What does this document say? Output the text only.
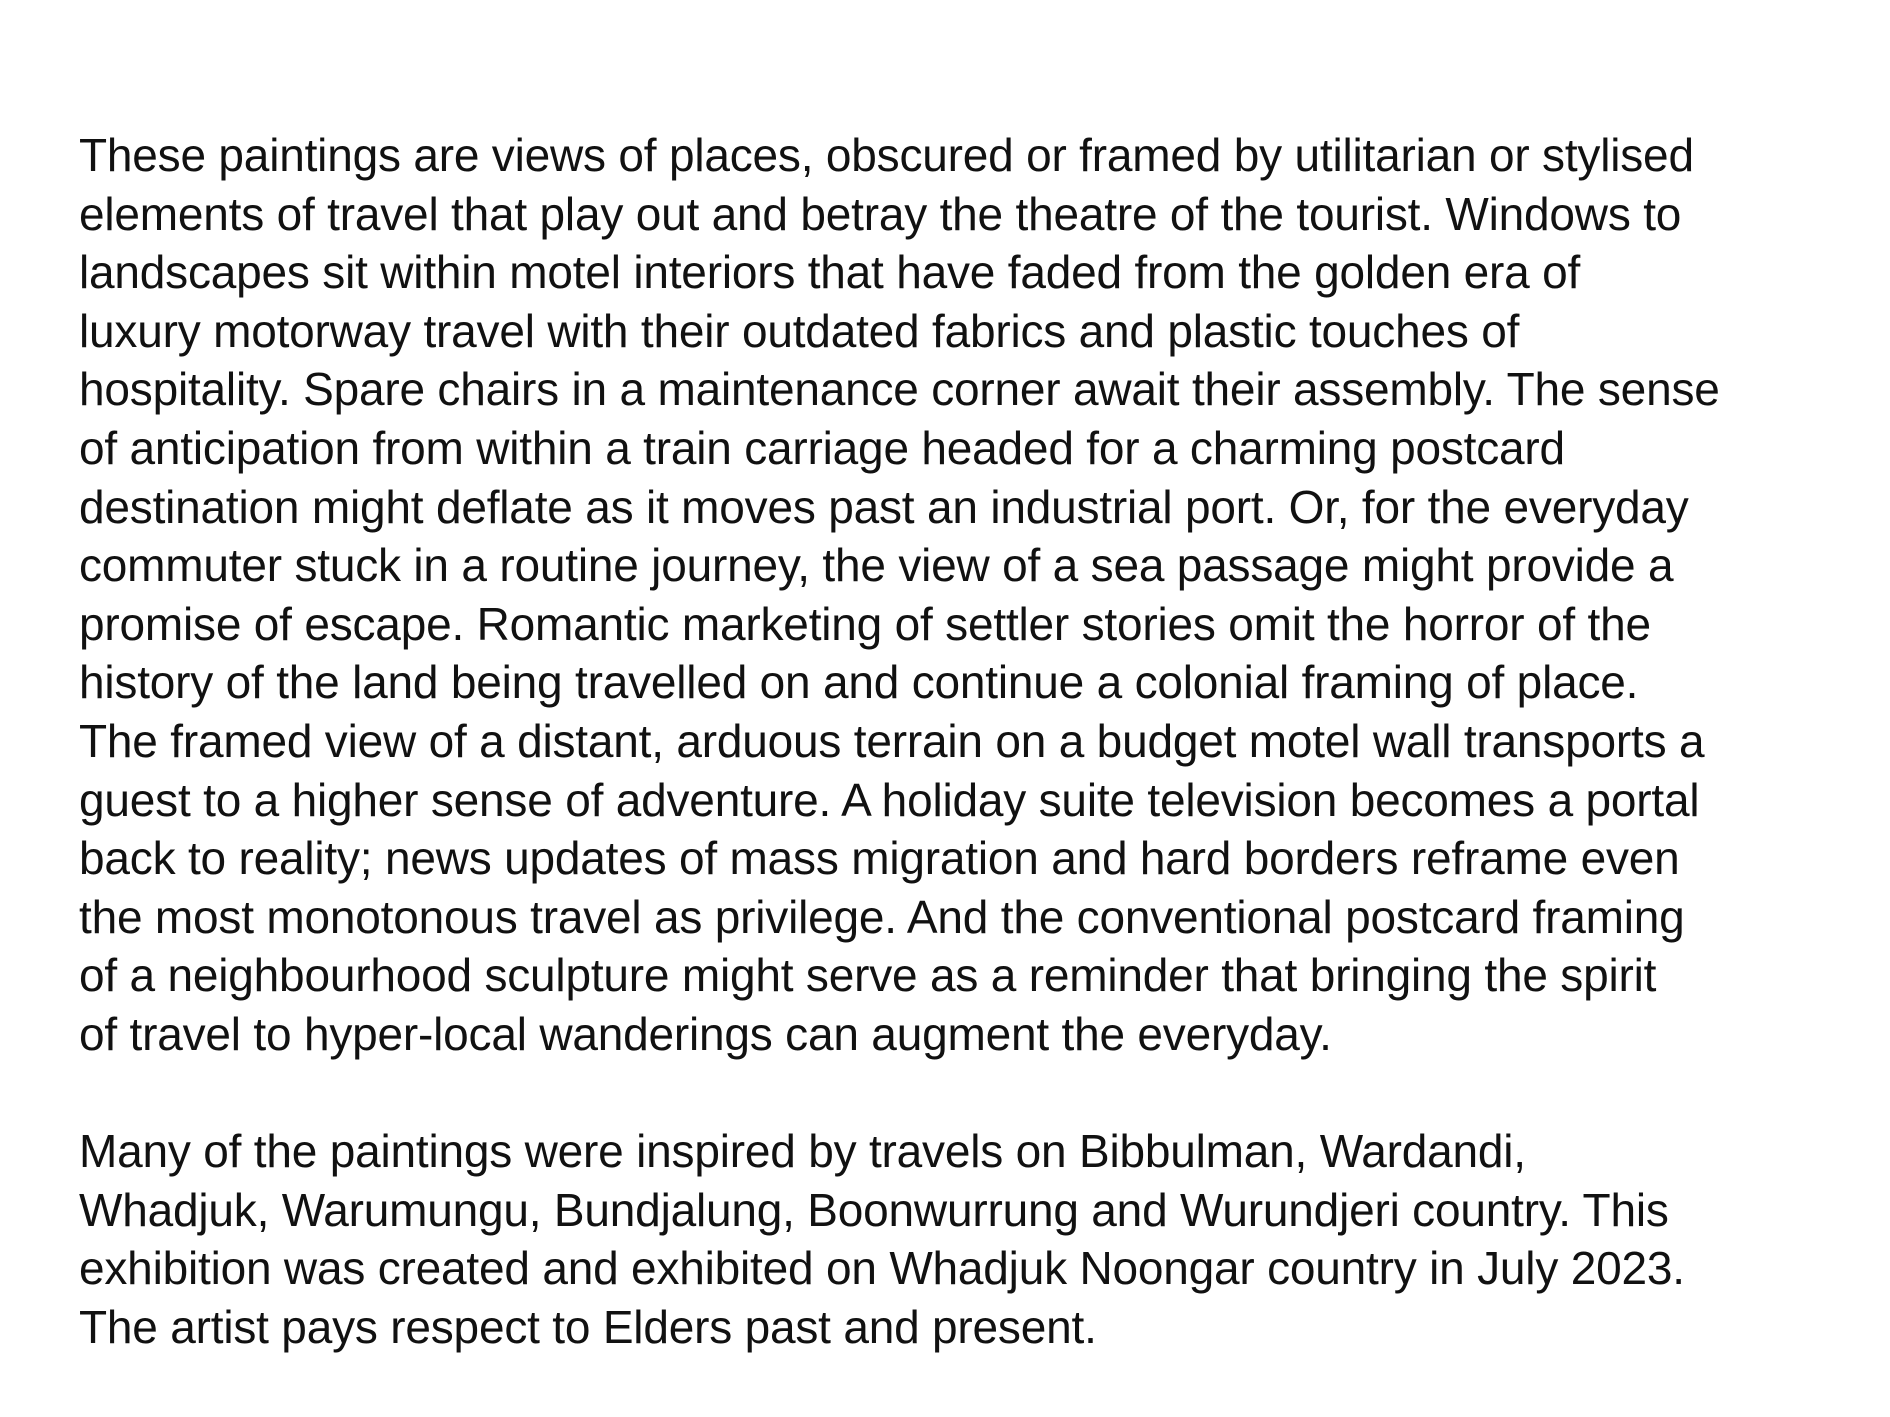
These paintings are views of places, obscured or framed by utilitarian or stylised
elements of travel that play out and betray the theatre of the tourist. Windows to
landscapes sit within motel interiors that have faded from the golden era of
luxury motorway travel with their outdated fabrics and plastic touches of
hospitality. Spare chairs in a maintenance corner await their assembly. The sense
of anticipation from within a train carriage headed for a charming postcard
destination might deflate as it moves past an industrial port. Or, for the everyday
commuter stuck in a routine journey, the view of a sea passage might provide a
promise of escape. Romantic marketing of settler stories omit the horror of the
history of the land being travelled on and continue a colonial framing of place.
The framed view of a distant, arduous terrain on a budget motel wall transports a
guest to a higher sense of adventure. A holiday suite television becomes a portal
back to reality; news updates of mass migration and hard borders reframe even
the most monotonous travel as privilege. And the conventional postcard framing
of a neighbourhood sculpture might serve as a reminder that bringing the spirit
of travel to hyper-local wanderings can augment the everyday.

Many of the paintings were inspired by travels on Bibbulman, Wardandi,
Whadjuk, Warumungu, Bundjalung, Boonwurrung and Wurundjeri country. This
exhibition was created and exhibited on Whadjuk Noongar country in July 2023.
The artist pays respect to Elders past and present.
